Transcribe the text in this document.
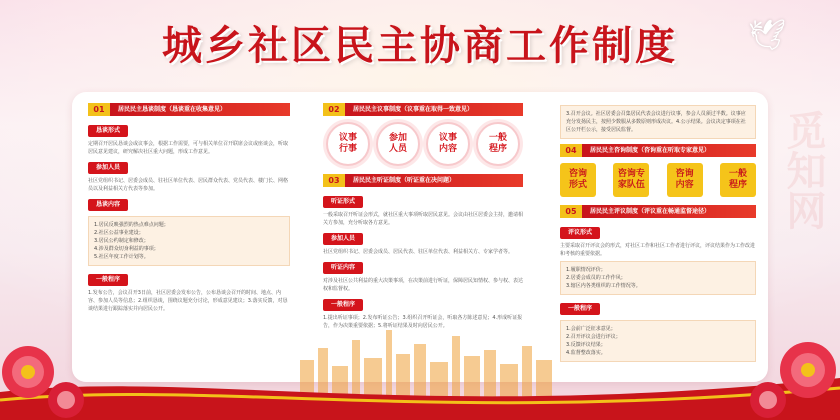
城乡社区民主协商工作制度	🕊
觅知网
01	居民民主恳谈制度（恳谈重在收集意见）
恳谈形式

定期召开居民恳谈会或议事会，根据工作需要，可与相关单位召开联席会议或座谈会，听取居民意见建议，研究解决社区重大问题，形成工作意见。

参加人员

社区党组织书记、居委会成员、驻社区单位代表、居民群众代表、党员代表、楼门长、网格员以及利益相关方代表等参加。

恳谈内容
1.居民反映强烈的热点难点问题；
2.社区公益事业建设；
3.居民公约制定和修改；
4.涉及群众切身利益的事项；
5.社区年度工作计划等。
一般程序

1.发布公告，会议召开3日前，社区居委会发布公告，公布恳谈会召开的时间、地点、内容、参加人员等信息；2.组织恳谈，围绕议题充分讨论，形成意见建议；3.落实反馈，对恳谈结果进行跟踪落实并向居民公开。

02	居民民主议事制度（议事重在取得一致意见）
议事
行事
参加
人员
议事
内容
一般
程序
03	居民民主听证制度（听证重在决问题）
听证形式

一般采取召开听证会形式，就社区重大事项听取居民意见。会议由社区居委会主持，邀请相关方参加，充分听取各方意见。

参加人员

社区党组织书记、居委会成员、居民代表、驻区单位代表、利益相关方、专家学者等。

听证内容

对涉及社区公共利益的重大决策事项，在决策前进行听证，保障居民知情权、参与权、表达权和监督权。

一般程序

1.提出听证事项；2.发布听证公告；3.组织召开听证会，听取各方陈述意见；4.形成听证报告，作为决策重要依据；5.将听证结果及时向居民公开。

3.召开会议。社区居委会召集居民代表会议进行议事，参会人员须过半数。议事应充分发扬民主，按照少数服从多数原则形成决议。4.公示结果。会议决定事项在社区公开栏公示，接受居民监督。
04	居民民主咨询制度（咨询重在听取专家意见）
咨询
形式
咨询专
家队伍
咨询
内容
一般
程序
05	居民民主评议制度（评议重在畅通监督途径）
评议形式

主要采取召开评议会的形式，对社区工作和社区工作者进行评议，评议结果作为工作改进和考核的重要依据。

1.履职情况评价；
2.居委会成员的工作作风；
3.辖区内各类组织的工作情况等。
一般程序
1.会前广泛征求意见；
2.召开评议会进行评议；
3.反馈评议结果；
4.监督整改落实。
